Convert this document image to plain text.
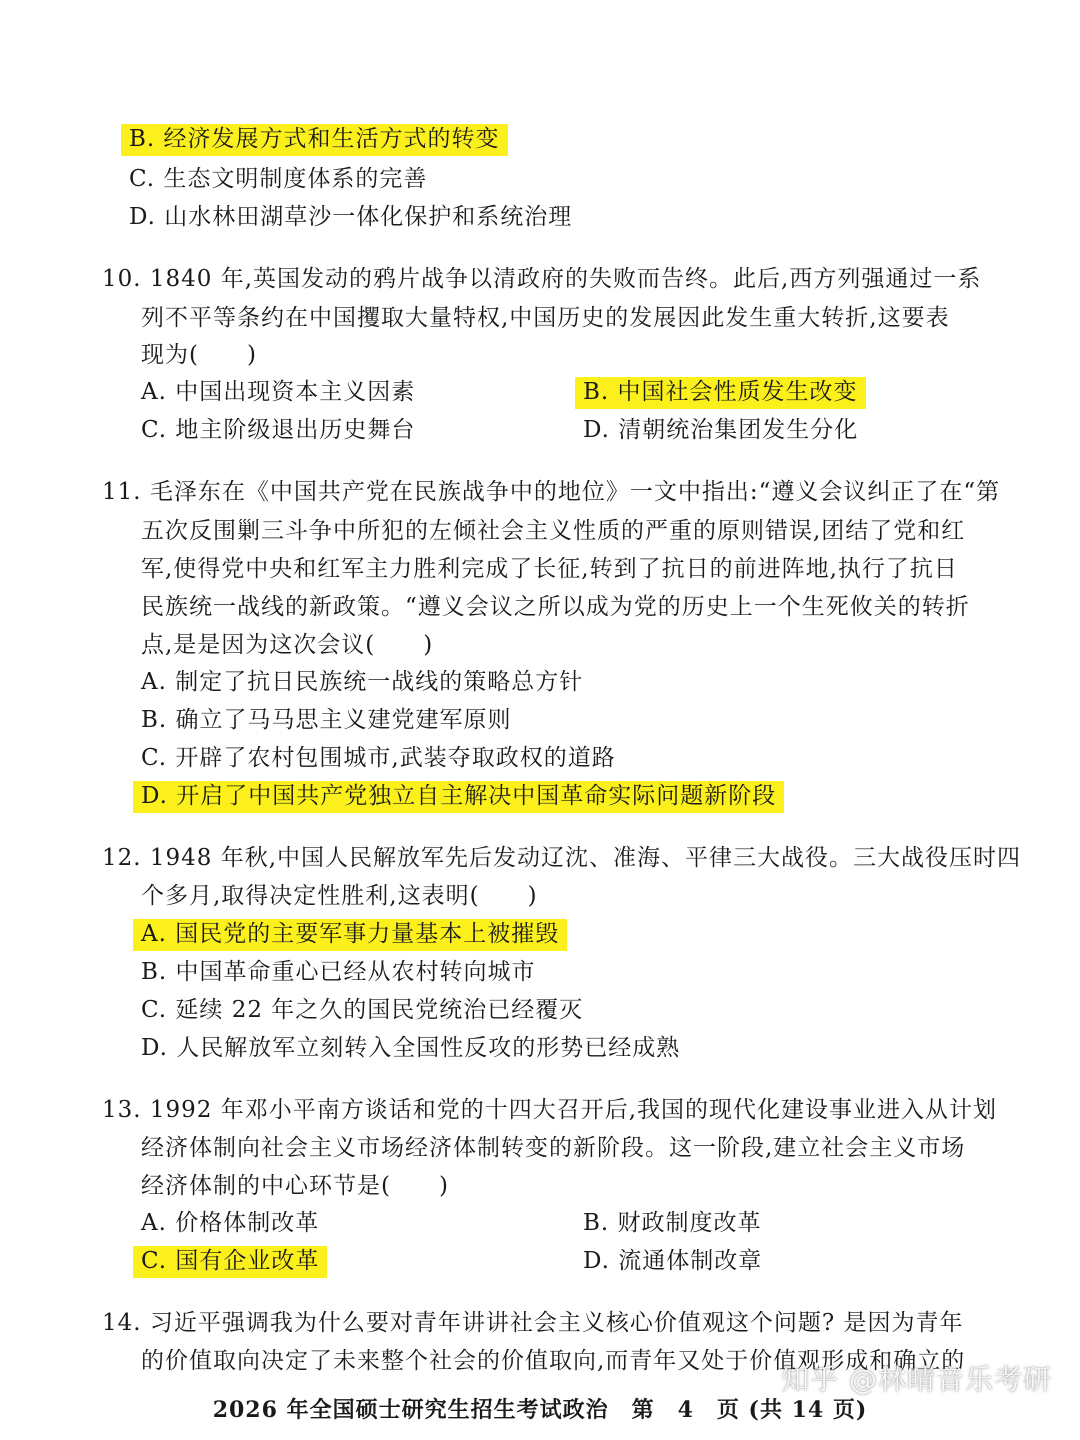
B. 经济发展方式和生活方式的转变
C. 生态文明制度体系的完善
D. 山水林田湖草沙一体化保护和系统治理
10. 1840 年,英国发动的鸦片战争以清政府的失败而告终。此后,西方列强通过一系
列不平等条约在中国攫取大量特权,中国历史的发展因此发生重大转折,这要表
现为(　　)
A. 中国出现资本主义因素	B. 中国社会性质发生改变
C. 地主阶级退出历史舞台	D. 清朝统治集团发生分化
11. 毛泽东在《中国共产党在民族战争中的地位》一文中指出:“遵义会议纠正了在“第
五次反围剿三斗争中所犯的左倾社会主义性质的严重的原则错误,团结了党和红
军,使得党中央和红军主力胜利完成了长征,转到了抗日的前进阵地,执行了抗日
民族统一战线的新政策。“遵义会议之所以成为党的历史上一个生死攸关的转折
点,是是因为这次会议(　　)
A. 制定了抗日民族统一战线的策略总方针
B. 确立了马马思主义建党建军原则
C. 开辟了农村包围城市,武装夺取政权的道路
D. 开启了中国共产党独立自主解决中国革命实际问题新阶段
12. 1948 年秋,中国人民解放军先后发动辽沈、准海、平律三大战役。三大战役压时四
个多月,取得决定性胜利,这表明(　　)
A. 国民党的主要军事力量基本上被摧毁
B. 中国革命重心已经从农村转向城市
C. 延续 22 年之久的国民党统治已经覆灭
D. 人民解放军立刻转入全国性反攻的形势已经成熟
13. 1992 年邓小平南方谈话和党的十四大召开后,我国的现代化建设事业进入从计划
经济体制向社会主义市场经济体制转变的新阶段。这一阶段,建立社会主义市场
经济体制的中心环节是(　　)
A. 价格体制改革	B. 财政制度改革
C. 国有企业改革	D. 流通体制改章
14. 习近平强调我为什么要对青年讲讲社会主义核心价值观这个问题? 是因为青年
的价值取向决定了未来整个社会的价值取向,而青年又处于价值观形成和确立的
知乎 @林晴音乐考研
2026 年全国硕士研究生招生考试政治　第　4　页 (共 14 页)
